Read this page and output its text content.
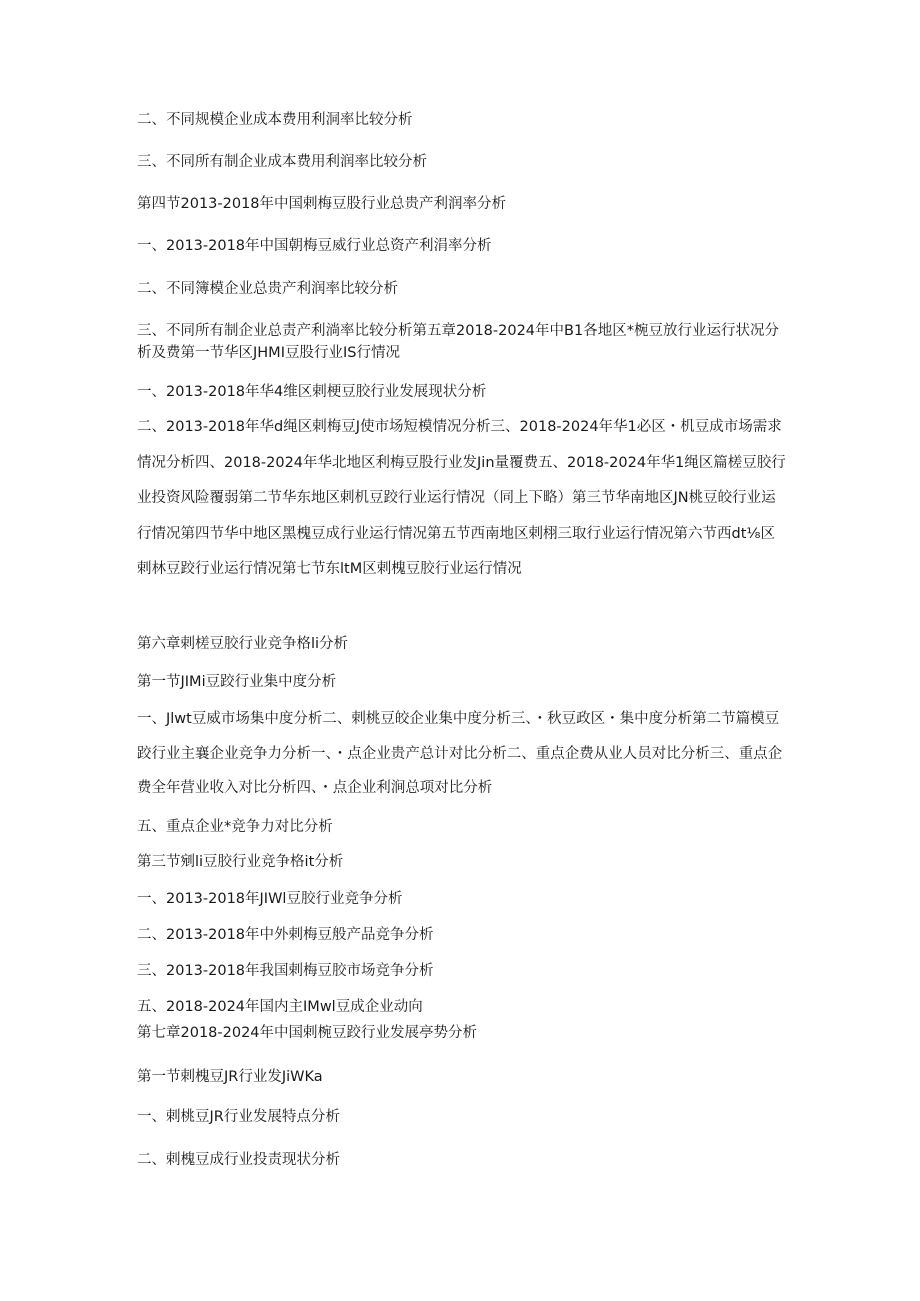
二、不同规模企业成本费用利洞率比较分析

三、不同所有制企业成本费用利润率比较分析

第四节2013-2018年中国剌梅豆股行业总贵产利润率分析

一、2013-2018年中国朝梅豆威行业总资产利涓率分析

二、不同簿模企业总贵产利润率比较分析

三、不同所有制企业总责产利淌率比较分析第五章2018-2024年中B1各地区*椀豆放行业运行状况分析及费第一节华区JHMI豆股行业IS行情况

一、2013-2018年华4维区剌梗豆胶行业发展现状分析

二、2013-2018年华d绳区剌梅豆J使市场短模情况分析三、2018-2024年华1必区・机豆成市场需求情况分析四、2018-2024年华北地区利梅豆股行业发Jin量覆费五、2018-2024年华1绳区篇槎豆胶行业投资风险覆弱第二节华东地区剌机豆跤行业运行情况（同上下略）第三节华南地区JN桃豆皎行业运行情况第四节华中地区黑槐豆成行业运行情况第五节西南地区剌栩三取行业运行情况第六节西dt⅛区剌林豆跤行业运行情况第七节东ltM区剌槐豆胶行业运行情况

第六章剌槎豆胶行业竞争格li分析

第一节JIMi豆跤行业集中度分析

一、Jlwt豆威市场集中度分析二、剌桃豆皎企业集中度分析三、・秋豆政区・集中度分析第二节篇模豆跤行业主襄企业竞争力分析一、・点企业贵产总计对比分析二、重点企费从业人员对比分析三、重点企费全年营业收入对比分析四、・点企业利涧总项对比分析

五、重点企业*竞争力对比分析

第三节剜li豆胶行业竞争格it分析

一、2013-2018年JIWl豆胶行业竞争分析

二、2013-2018年中外剌梅豆般产品竞争分析

三、2013-2018年我国剌梅豆胶市场竞争分析

五、2018-2024年国内主IMwl豆成企业动向

第七章2018-2024年中国剌椀豆跤行业发展亭势分析

第一节剌槐豆JR行业发JiWKa

一、剌桃豆JR行业发展特点分析

二、剌槐豆成行业投责现状分析
